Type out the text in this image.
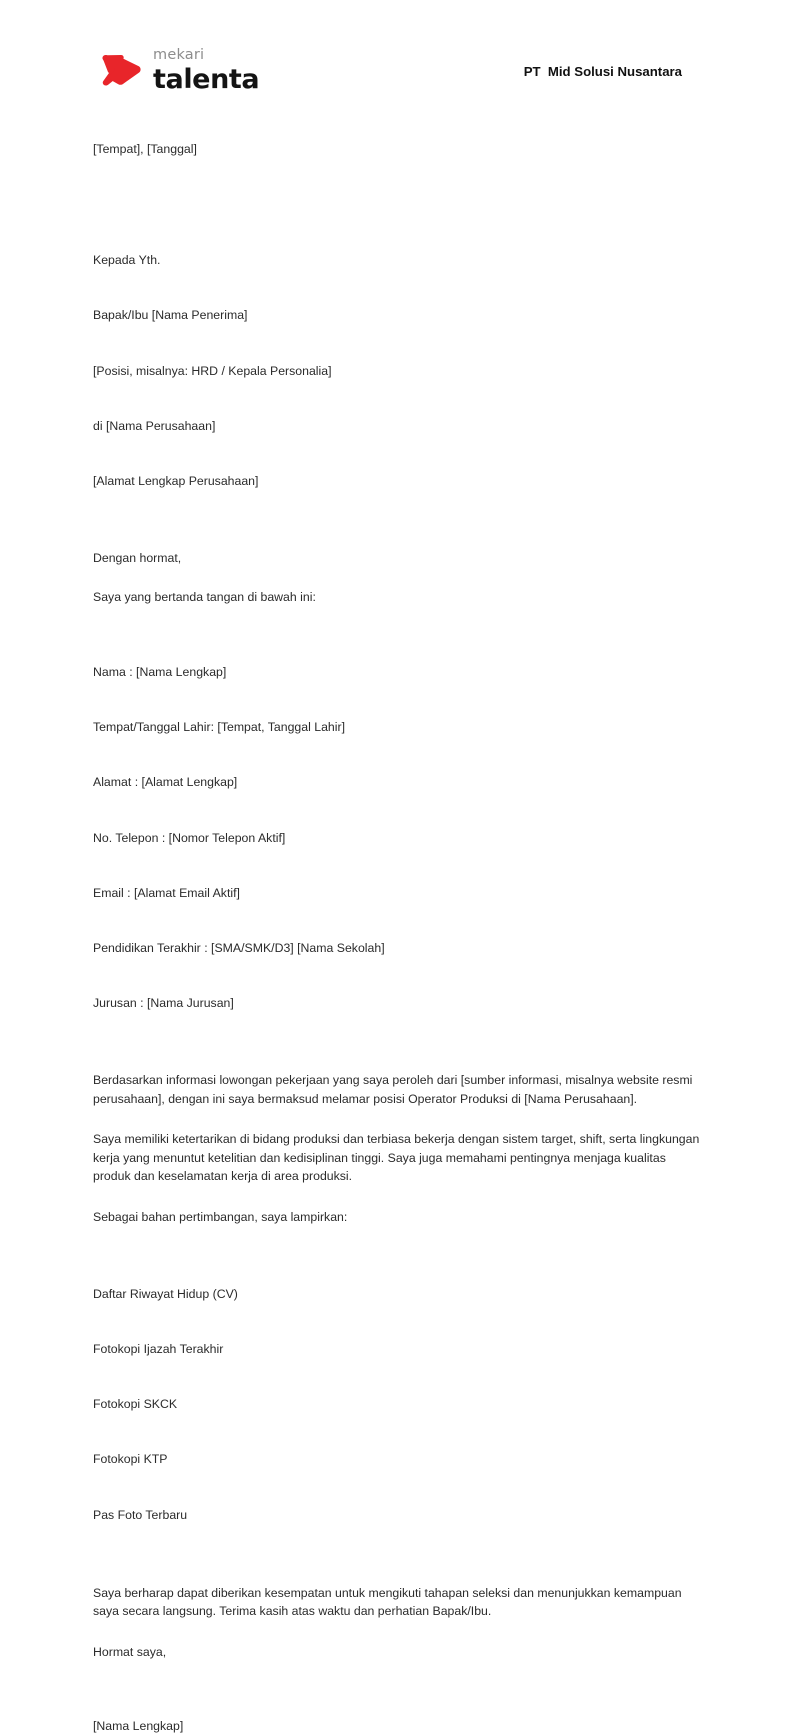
mekari
talenta	PT  Mid Solusi Nusantara
[Tempat], [Tanggal]

Kepada Yth.

Bapak/Ibu [Nama Penerima]

[Posisi, misalnya: HRD / Kepala Personalia]

di [Nama Perusahaan]

[Alamat Lengkap Perusahaan]

Dengan hormat,
Saya yang bertanda tangan di bawah ini:

Nama : [Nama Lengkap]

Tempat/Tanggal Lahir: [Tempat, Tanggal Lahir]

Alamat : [Alamat Lengkap]

No. Telepon : [Nomor Telepon Aktif]

Email : [Alamat Email Aktif]

Pendidikan Terakhir : [SMA/SMK/D3] [Nama Sekolah]

Jurusan : [Nama Jurusan]

Berdasarkan informasi lowongan pekerjaan yang saya peroleh dari [sumber informasi, misalnya website resmi perusahaan], dengan ini saya bermaksud melamar posisi Operator Produksi di [Nama Perusahaan].
Saya memiliki ketertarikan di bidang produksi dan terbiasa bekerja dengan sistem target, shift, serta lingkungan kerja yang menuntut ketelitian dan kedisiplinan tinggi. Saya juga memahami pentingnya menjaga kualitas produk dan keselamatan kerja di area produksi.
Sebagai bahan pertimbangan, saya lampirkan:

Daftar Riwayat Hidup (CV)

Fotokopi Ijazah Terakhir

Fotokopi SKCK

Fotokopi KTP

Pas Foto Terbaru

Saya berharap dapat diberikan kesempatan untuk mengikuti tahapan seleksi dan menunjukkan kemampuan saya secara langsung. Terima kasih atas waktu dan perhatian Bapak/Ibu.
Hormat saya,
[Nama Lengkap]
